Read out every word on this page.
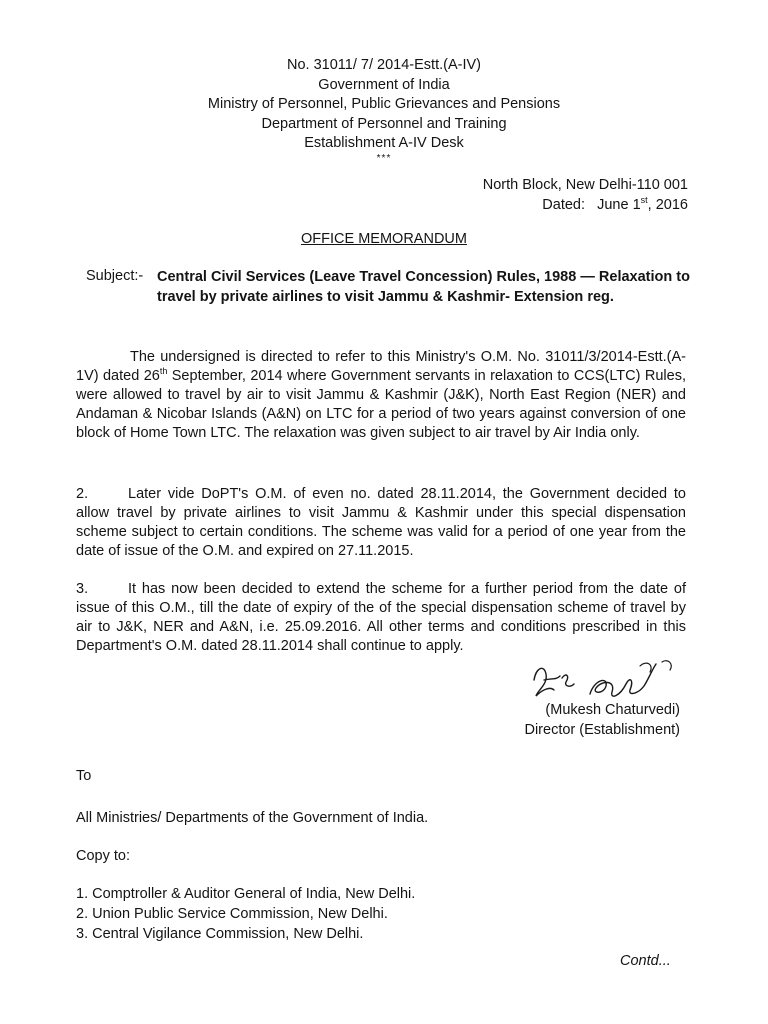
No. 31011/ 7/ 2014-Estt.(A-IV)
Government of India
Ministry of Personnel, Public Grievances and Pensions
Department of Personnel and Training
Establishment A-IV Desk
***
North Block, New Delhi-110 001
Dated: June 1st, 2016
OFFICE MEMORANDUM
Subject:- Central Civil Services (Leave Travel Concession) Rules, 1988 — Relaxation to travel by private airlines to visit Jammu & Kashmir- Extension reg.
The undersigned is directed to refer to this Ministry's O.M. No. 31011/3/2014-Estt.(A-1V) dated 26th September, 2014 where Government servants in relaxation to CCS(LTC) Rules, were allowed to travel by air to visit Jammu & Kashmir (J&K), North East Region (NER) and Andaman & Nicobar Islands (A&N) on LTC for a period of two years against conversion of one block of Home Town LTC. The relaxation was given subject to air travel by Air India only.
2.	Later vide DoPT's O.M. of even no. dated 28.11.2014, the Government decided to allow travel by private airlines to visit Jammu & Kashmir under this special dispensation scheme subject to certain conditions. The scheme was valid for a period of one year from the date of issue of the O.M. and expired on 27.11.2015.
3.	It has now been decided to extend the scheme for a further period from the date of issue of this O.M., till the date of expiry of the of the special dispensation scheme of travel by air to J&K, NER and A&N, i.e. 25.09.2016. All other terms and conditions prescribed in this Department's O.M. dated 28.11.2014 shall continue to apply.
(Mukesh Chaturvedi)
Director (Establishment)
To
All Ministries/ Departments of the Government of India.
Copy to:
1. Comptroller & Auditor General of India, New Delhi.
2. Union Public Service Commission, New Delhi.
3. Central Vigilance Commission, New Delhi.
Contd...
